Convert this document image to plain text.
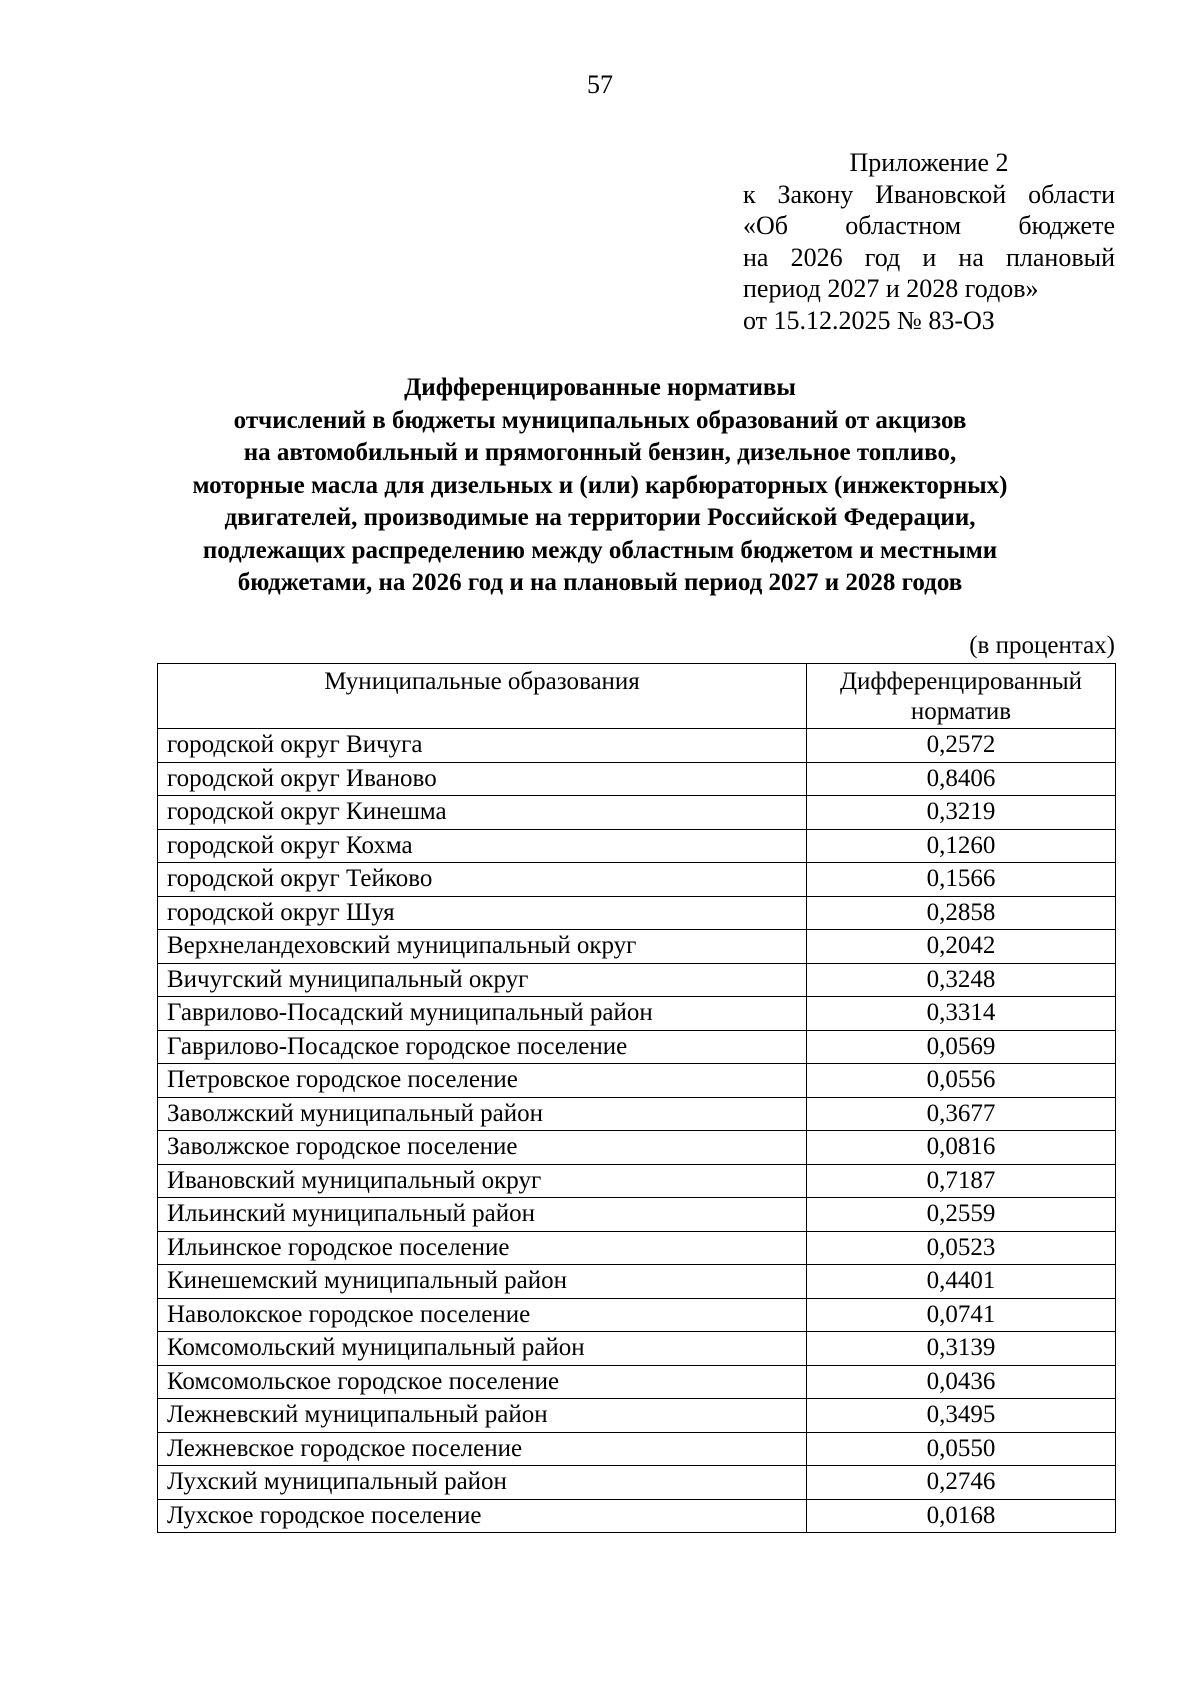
57
Приложение 2
к Закону Ивановской области
«Об областном бюджете
на 2026 год и на плановый
период 2027 и 2028 годов»
от 15.12.2025 № 83-ОЗ
Дифференцированные нормативы
отчислений в бюджеты муниципальных образований от акцизов
на автомобильный и прямогонный бензин, дизельное топливо,
моторные масла для дизельных и (или) карбюраторных (инжекторных)
двигателей, производимые на территории Российской Федерации,
подлежащих распределению между областным бюджетом и местными
бюджетами, на 2026 год и на плановый период 2027 и 2028 годов
(в процентах)
Муниципальные образования	Дифференцированный норматив
городской округ Вичуга	0,2572
городской округ Иваново	0,8406
городской округ Кинешма	0,3219
городской округ Кохма	0,1260
городской округ Тейково	0,1566
городской округ Шуя	0,2858
Верхнеландеховский муниципальный округ	0,2042
Вичугский муниципальный округ	0,3248
Гаврилово-Посадский муниципальный район	0,3314
Гаврилово-Посадское городское поселение	0,0569
Петровское городское поселение	0,0556
Заволжский муниципальный район	0,3677
Заволжское городское поселение	0,0816
Ивановский муниципальный округ	0,7187
Ильинский муниципальный район	0,2559
Ильинское городское поселение	0,0523
Кинешемский муниципальный район	0,4401
Наволокское городское поселение	0,0741
Комсомольский муниципальный район	0,3139
Комсомольское городское поселение	0,0436
Лежневский муниципальный район	0,3495
Лежневское городское поселение	0,0550
Лухский муниципальный район	0,2746
Лухское городское поселение	0,0168
